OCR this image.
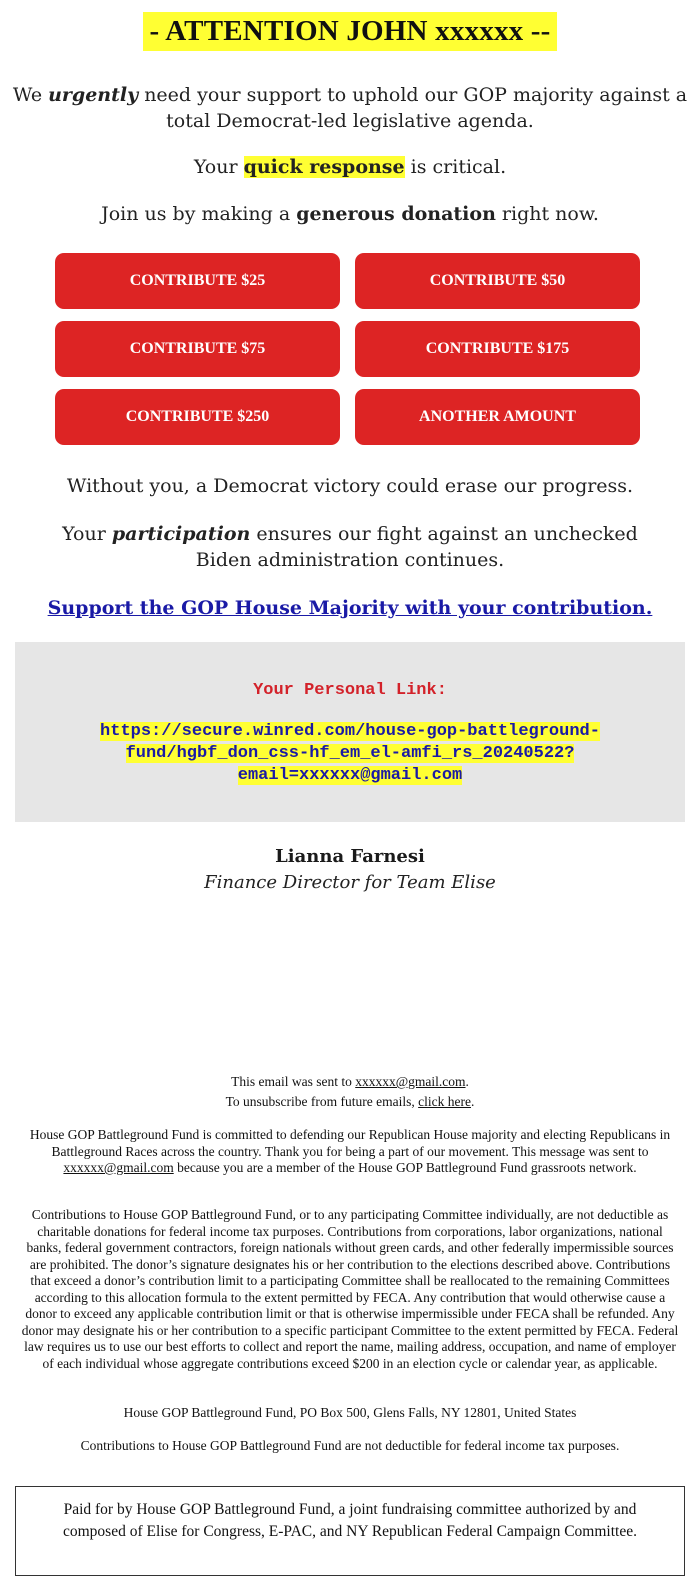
- ATTENTION JOHN xxxxxx --
We urgently need your support to uphold our GOP majority against a total Democrat-led legislative agenda.
Your quick response is critical.
Join us by making a generous donation right now.
CONTRIBUTE $25	CONTRIBUTE $50
CONTRIBUTE $75	CONTRIBUTE $175
CONTRIBUTE $250	ANOTHER AMOUNT
Without you, a Democrat victory could erase our progress.
Your participation ensures our fight against an unchecked Biden administration continues.
Support the GOP House Majority with your contribution.
Your Personal Link:
https://secure.winred.com/house-gop-battleground-
fund/hgbf_don_css-hf_em_el-amfi_rs_20240522?
email=xxxxxx@gmail.com
Lianna Farnesi
Finance Director for Team Elise
This email was sent to xxxxxx@gmail.com.
To unsubscribe from future emails, click here.
House GOP Battleground Fund is committed to defending our Republican House majority and electing Republicans in Battleground Races across the country. Thank you for being a part of our movement. This message was sent to xxxxxx@gmail.com because you are a member of the House GOP Battleground Fund grassroots network.
Contributions to House GOP Battleground Fund, or to any participating Committee individually, are not deductible as charitable donations for federal income tax purposes. Contributions from corporations, labor organizations, national banks, federal government contractors, foreign nationals without green cards, and other federally impermissible sources are prohibited. The donor’s signature designates his or her contribution to the elections described above. Contributions that exceed a donor’s contribution limit to a participating Committee shall be reallocated to the remaining Committees according to this allocation formula to the extent permitted by FECA. Any contribution that would otherwise cause a donor to exceed any applicable contribution limit or that is otherwise impermissible under FECA shall be refunded. Any donor may designate his or her contribution to a specific participant Committee to the extent permitted by FECA. Federal law requires us to use our best efforts to collect and report the name, mailing address, occupation, and name of employer of each individual whose aggregate contributions exceed $200 in an election cycle or calendar year, as applicable.
House GOP Battleground Fund, PO Box 500, Glens Falls, NY 12801, United States
Contributions to House GOP Battleground Fund are not deductible for federal income tax purposes.
Paid for by House GOP Battleground Fund, a joint fundraising committee authorized by and composed of Elise for Congress, E-PAC, and NY Republican Federal Campaign Committee.
